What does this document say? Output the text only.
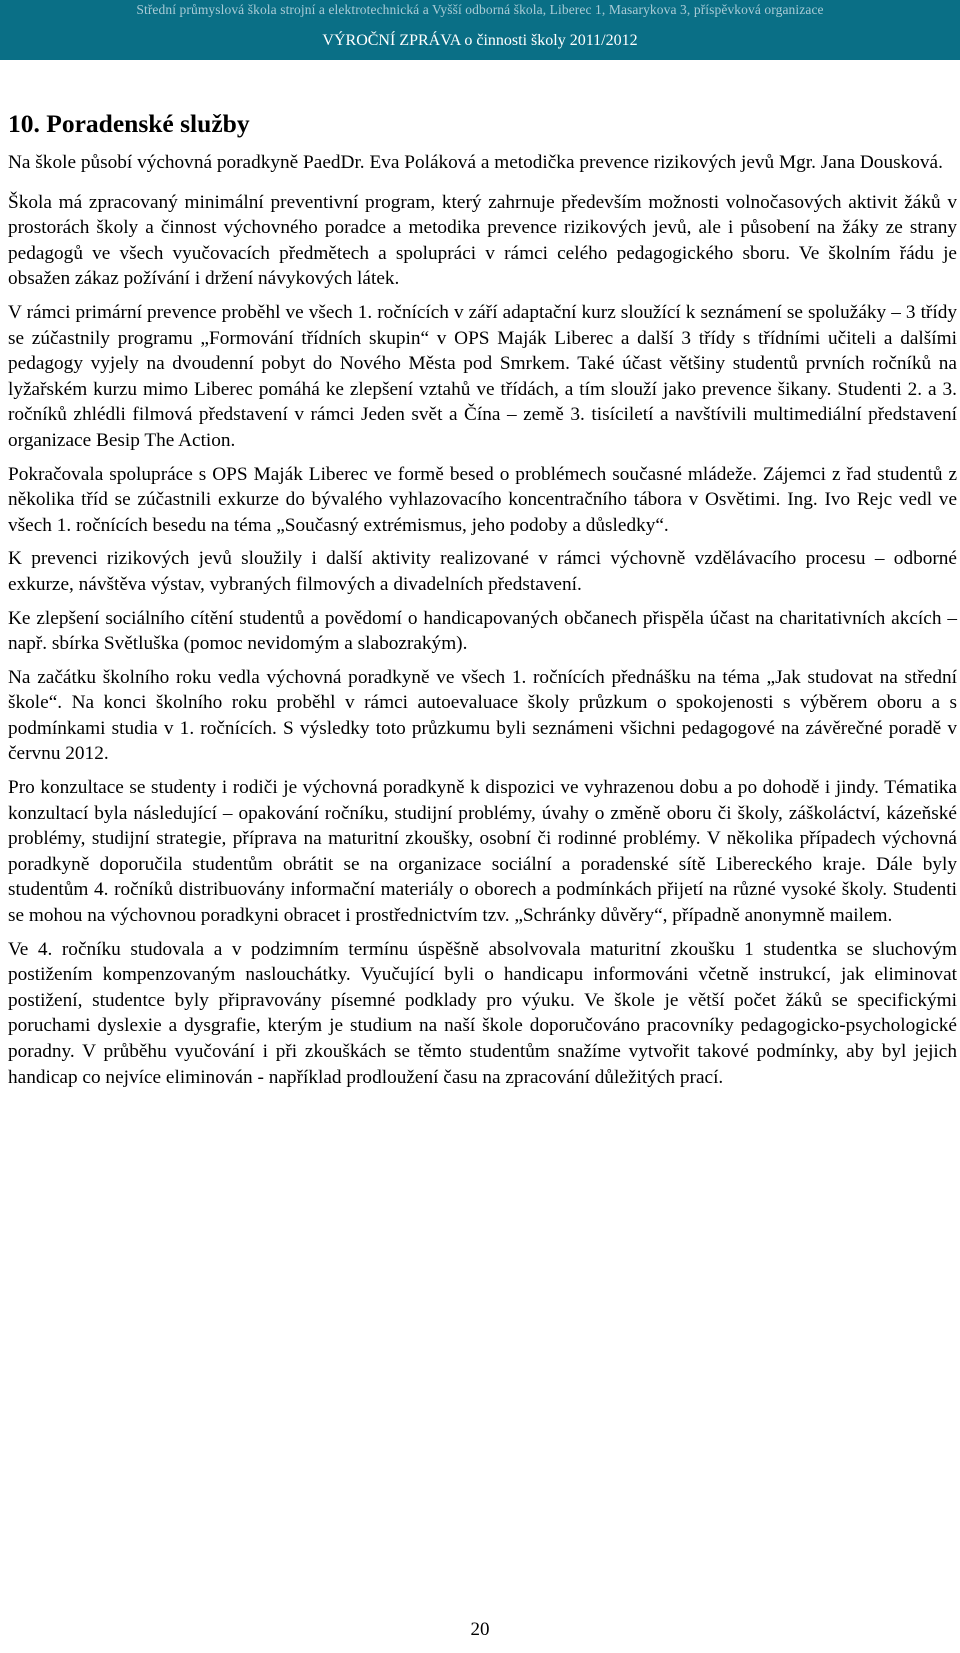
Střední průmyslová škola strojní a elektrotechnická a Vyšší odborná škola, Liberec 1, Masarykova 3, příspěvková organizace
VÝROČNÍ ZPRÁVA o činnosti školy 2011/2012
10. Poradenské služby

Na škole působí výchovná poradkyně PaedDr. Eva Poláková a metodička prevence rizikových jevů Mgr. Jana Dousková.

Škola má zpracovaný minimální preventivní program, který zahrnuje především možnosti volnočasových aktivit žáků v prostorách školy a činnost výchovného poradce a metodika prevence rizikových jevů, ale i působení na žáky ze strany pedagogů ve všech vyučovacích předmětech a spolupráci v rámci celého pedagogického sboru. Ve školním řádu je obsažen zákaz požívání i držení návykových látek.

V rámci primární prevence proběhl ve všech 1. ročnících v září adaptační kurz sloužící k seznámení se spolužáky – 3 třídy se zúčastnily programu „Formování třídních skupin“ v OPS Maják Liberec a další 3 třídy s třídními učiteli a dalšími pedagogy vyjely na dvoudenní pobyt do Nového Města pod Smrkem. Také účast většiny studentů prvních ročníků na lyžařském kurzu mimo Liberec pomáhá ke zlepšení vztahů ve třídách, a tím slouží jako prevence šikany. Studenti 2. a 3. ročníků zhlédli filmová představení v rámci Jeden svět a Čína – země 3. tisíciletí a navštívili multimediální představení organizace Besip The Action.

Pokračovala spolupráce s OPS Maják Liberec ve formě besed o problémech současné mládeže. Zájemci z řad studentů z několika tříd se zúčastnili exkurze do bývalého vyhlazovacího koncentračního tábora v Osvětimi. Ing. Ivo Rejc vedl ve všech 1. ročnících besedu na téma „Současný extrémismus, jeho podoby a důsledky“.

K prevenci rizikových jevů sloužily i další aktivity realizované v rámci výchovně vzdělávacího procesu – odborné exkurze, návštěva výstav, vybraných filmových a divadelních představení.

Ke zlepšení sociálního cítění studentů a povědomí o handicapovaných občanech přispěla účast na charitativních akcích – např. sbírka Světluška (pomoc nevidomým a slabozrakým).

Na začátku školního roku vedla výchovná poradkyně ve všech 1. ročnících přednášku na téma „Jak studovat na střední škole“. Na konci školního roku proběhl v rámci autoevaluace školy průzkum o spokojenosti s výběrem oboru a s podmínkami studia v 1. ročnících. S výsledky toto průzkumu byli seznámeni všichni pedagogové na závěrečné poradě v červnu 2012.

Pro konzultace se studenty i rodiči je výchovná poradkyně k dispozici ve vyhrazenou dobu a po dohodě i jindy. Tématika konzultací byla následující – opakování ročníku, studijní problémy, úvahy o změně oboru či školy, záškoláctví, kázeňské problémy, studijní strategie, příprava na maturitní zkoušky, osobní či rodinné problémy. V několika případech výchovná poradkyně doporučila studentům obrátit se na organizace sociální a poradenské sítě Libereckého kraje. Dále byly studentům 4. ročníků distribuovány informační materiály o oborech a podmínkách přijetí na různé vysoké školy. Studenti se mohou na výchovnou poradkyni obracet i prostřednictvím tzv. „Schránky důvěry“, případně anonymně mailem.

Ve 4. ročníku studovala a v podzimním termínu úspěšně absolvovala maturitní zkoušku 1 studentka se sluchovým postižením kompenzovaným naslouchátky. Vyučující byli o handicapu informováni včetně instrukcí, jak eliminovat postižení, studentce byly připravovány písemné podklady pro výuku. Ve škole je větší počet žáků se specifickými poruchami dyslexie a dysgrafie, kterým je studium na naší škole doporučováno pracovníky pedagogicko-psychologické poradny. V průběhu vyučování i při zkouškách se těmto studentům snažíme vytvořit takové podmínky, aby byl jejich handicap co nejvíce eliminován - například prodloužení času na zpracování důležitých prací.

20
